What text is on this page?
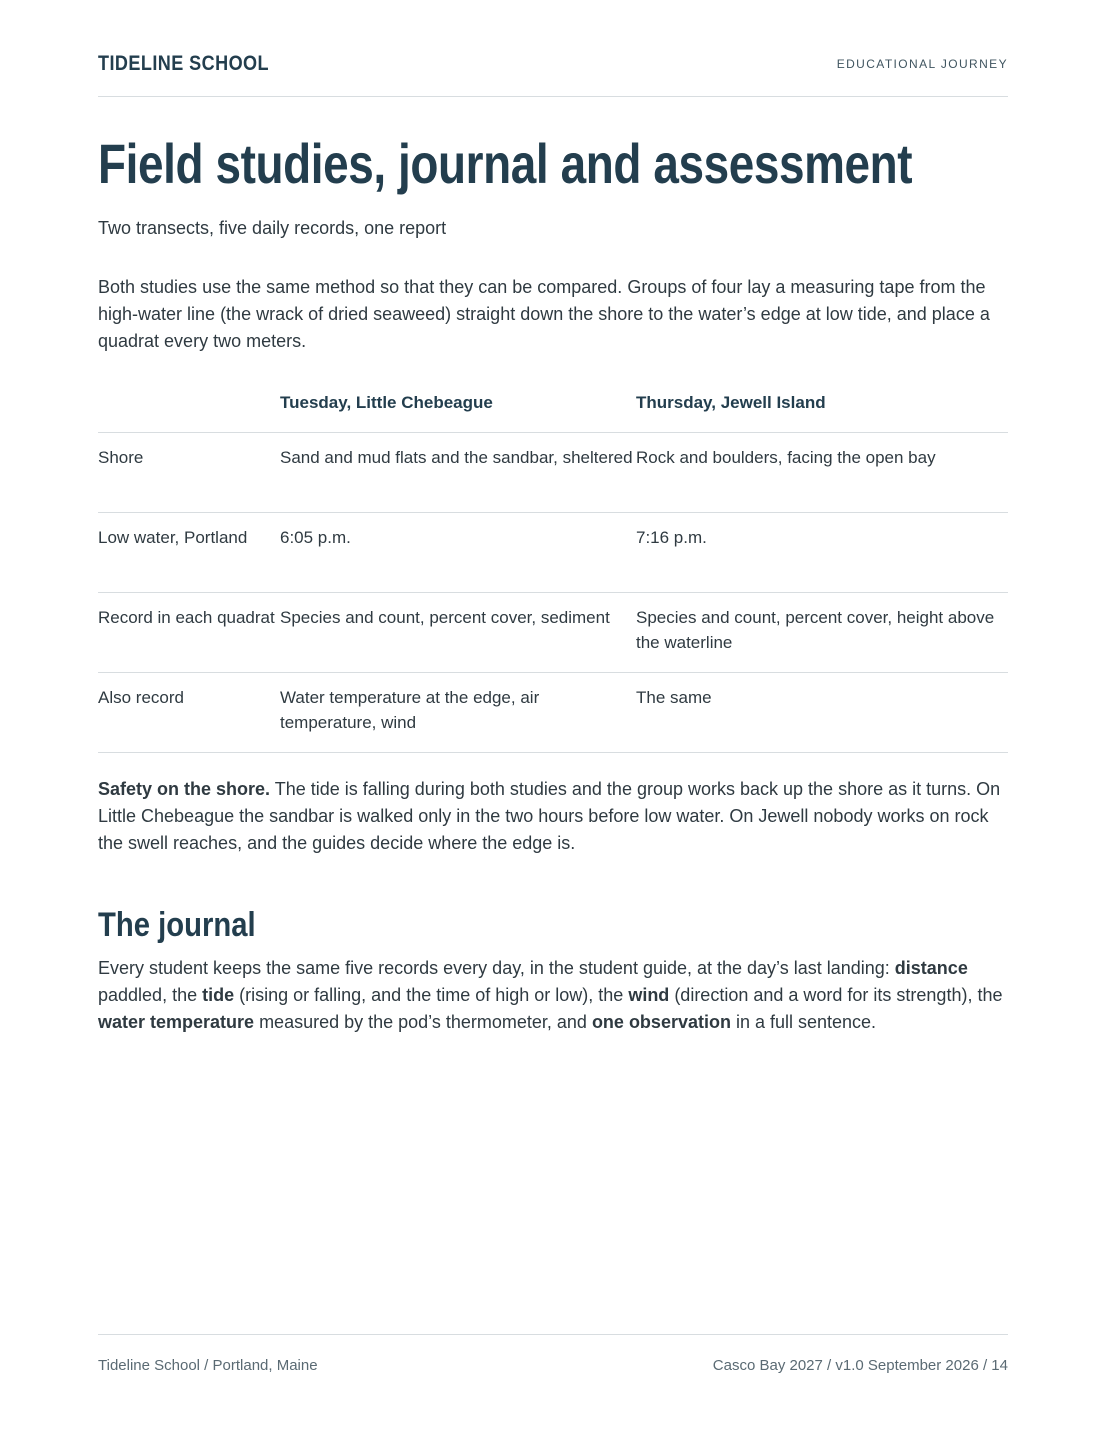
TIDELINE SCHOOL	EDUCATIONAL JOURNEY
Field studies, journal and assessment
Two transects, five daily records, one report

Both studies use the same method so that they can be compared. Groups of four lay a measuring tape from the high-water line (the wrack of dried seaweed) straight down the shore to the water’s edge at low tide, and place a quadrat every two meters.

	Tuesday, Little Chebeague	Thursday, Jewell Island
Shore	Sand and mud flats and the sandbar, sheltered	Rock and boulders, facing the open bay
Low water, Portland	6:05 p.m.	7:16 p.m.
Record in each quadrat	Species and count, percent cover, sediment	Species and count, percent cover, height above the waterline
Also record	Water temperature at the edge, air temperature, wind	The same

Safety on the shore. The tide is falling during both studies and the group works back up the shore as it turns. On Little Chebeague the sandbar is walked only in the two hours before low water. On Jewell nobody works on rock the swell reaches, and the guides decide where the edge is.

The journal

Every student keeps the same five records every day, in the student guide, at the day’s last landing: distance paddled, the tide (rising or falling, and the time of high or low), the wind (direction and a word for its strength), the water temperature measured by the pod’s thermometer, and one observation in a full sentence.

Tideline School / Portland, Maine	Casco Bay 2027 / v1.0 September 2026 / 14
